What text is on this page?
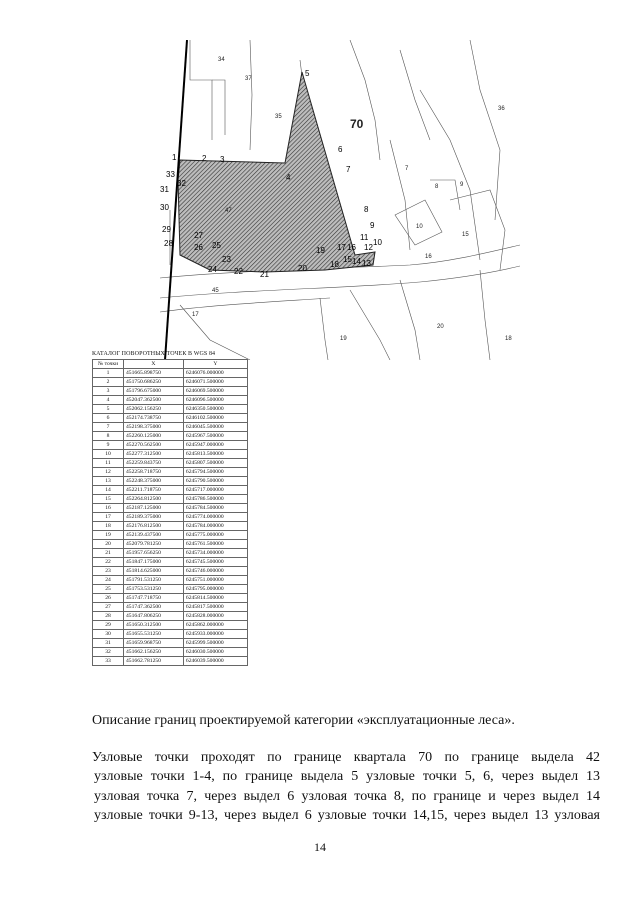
70
34
37
35
36
7
8	9
10
15
16
45
17
19
20
18
47
1	2 3
4
5
6
7
8
9
10
11
12
13
14
15
16
17
18
19
20
21
22
23
24
25
26
27
28
29
30
31
32
33
КАТАЛОГ ПОВОРОТНЫХ ТОЧЕК В WGS 84
№ точки	X	Y
1	451665.898750	6246076.000000
2	451750.686250	6246071.500000
3	451796.675000	6246069.500000
4	452047.362500	6246096.500000
5	452062.156250	6246350.500000
6	452174.738750	6246102.500000
7	452198.375000	6246045.500000
8	452260.125000	6245967.500000
9	452270.562500	6245947.000000
10	452277.312500	6245813.500000
11	452259.843750	6245807.500000
12	452258.718750	6245794.500000
13	452248.375000	6245790.500000
14	452211.718750	6245717.000000
15	452264.812500	6245786.500000
16	452187.125000	6245784.500000
17	452189.375000	6245774.000000
18	452176.812500	6245784.000000
19	452139.437500	6245775.000000
20	452079.781250	6245761.500000
21	451957.656250	6245734.000000
22	451847.175000	6245745.500000
23	451814.625000	6245746.000000
24	451791.531250	6245751.000000
25	451753.531250	6245795.000000
26	451747.718750	6245814.500000
27	451747.362500	6245817.500000
28	451647.806250	6245828.000000
29	451650.312500	6245862.000000
30	451655.531250	6245933.000000
31	451659.968750	6245999.500000
32	451662.156250	6246030.500000
33	451662.781250	6246039.500000
Описание границ проектируемой категории «эксплуатационные леса».
Узловые точки проходят по границе квартала 70 по границе выдела 42
узловые точки 1-4, по границе выдела 5 узловые точки 5, 6, через выдел 13
узловая точка 7, через выдел 6 узловая точка 8, по границе и через выдел 14
узловые точки 9-13, через выдел 6 узловые точки 14,15, через выдел 13 узловая
14
